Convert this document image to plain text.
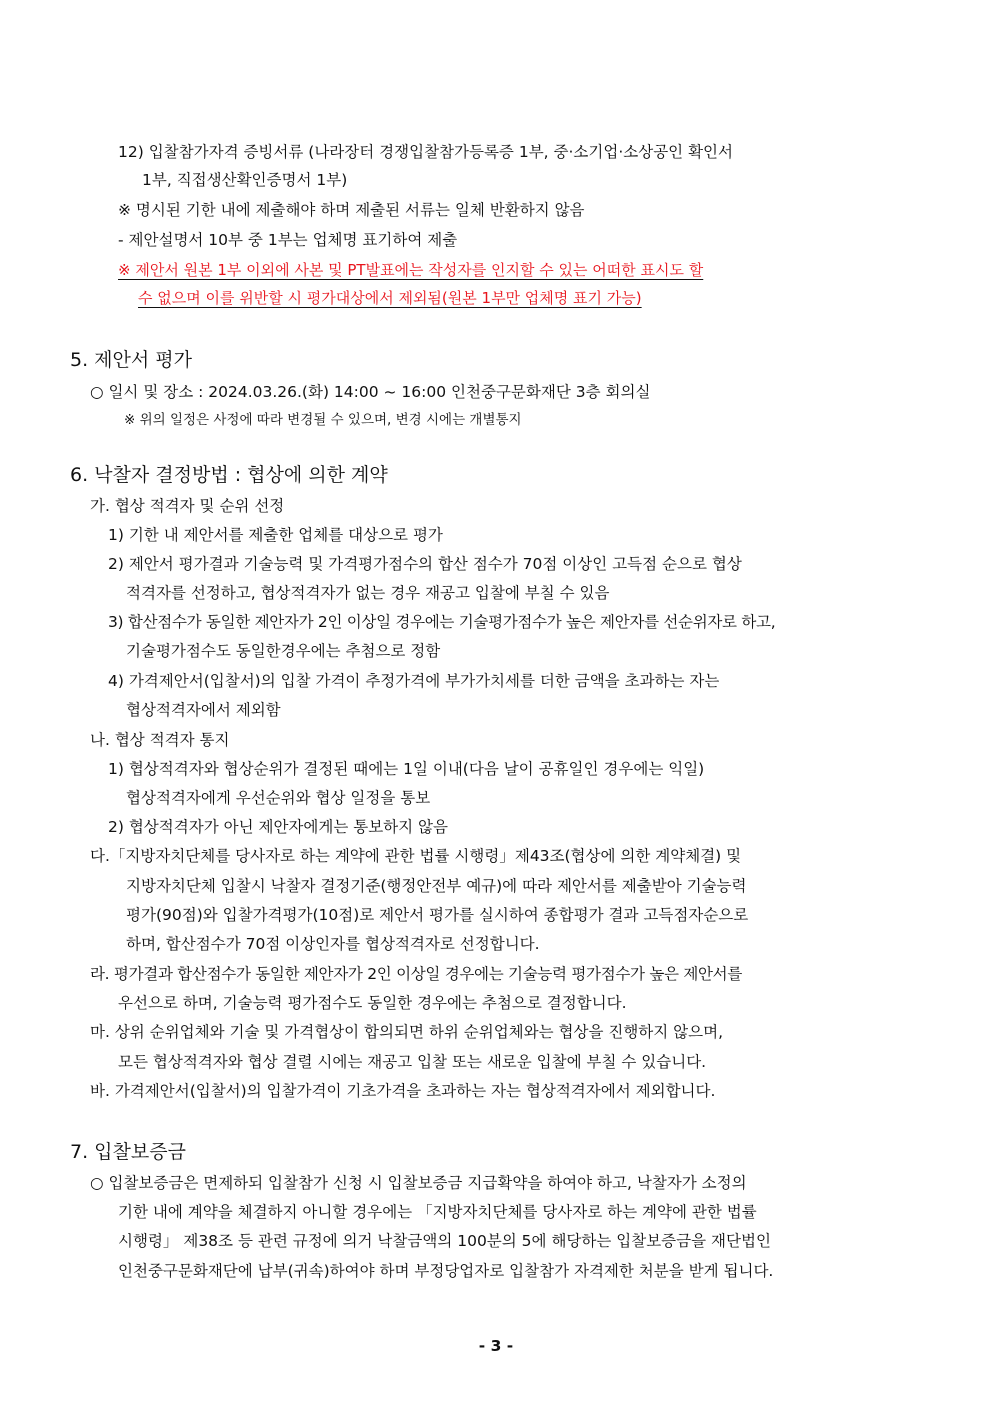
12) 입찰참가자격 증빙서류 (나라장터 경쟁입찰참가등록증 1부, 중·소기업·소상공인 확인서
1부, 직접생산확인증명서 1부)
※ 명시된 기한 내에 제출해야 하며 제출된 서류는 일체 반환하지 않음
- 제안설명서 10부 중 1부는 업체명 표기하여 제출
※ 제안서 원본 1부 이외에 사본 및 PT발표에는 작성자를 인지할 수 있는 어떠한 표시도 할
수 없으며 이를 위반할 시 평가대상에서 제외됨(원본 1부만 업체명 표기 가능)
5. 제안서 평가
○ 일시 및 장소 : 2024.03.26.(화) 14:00 ~ 16:00 인천중구문화재단 3층 회의실
※ 위의 일정은 사정에 따라 변경될 수 있으며, 변경 시에는 개별통지
6. 낙찰자 결정방법 : 협상에 의한 계약
가. 협상 적격자 및 순위 선정
1) 기한 내 제안서를 제출한 업체를 대상으로 평가
2) 제안서 평가결과 기술능력 및 가격평가점수의 합산 점수가 70점 이상인 고득점 순으로 협상
적격자를 선정하고, 협상적격자가 없는 경우 재공고 입찰에 부칠 수 있음
3) 합산점수가 동일한 제안자가 2인 이상일 경우에는 기술평가점수가 높은 제안자를 선순위자로 하고,
기술평가점수도 동일한경우에는 추첨으로 정함
4) 가격제안서(입찰서)의 입찰 가격이 추정가격에 부가가치세를 더한 금액을 초과하는 자는
협상적격자에서 제외함
나. 협상 적격자 통지
1) 협상적격자와 협상순위가 결정된 때에는 1일 이내(다음 날이 공휴일인 경우에는 익일)
협상적격자에게 우선순위와 협상 일정을 통보
2) 협상적격자가 아닌 제안자에게는 통보하지 않음
다.「지방자치단체를 당사자로 하는 계약에 관한 법률 시행령」제43조(협상에 의한 계약체결) 및
지방자치단체 입찰시 낙찰자 결정기준(행정안전부 예규)에 따라 제안서를 제출받아 기술능력
평가(90점)와 입찰가격평가(10점)로 제안서 평가를 실시하여 종합평가 결과 고득점자순으로
하며, 합산점수가 70점 이상인자를 협상적격자로 선정합니다.
라. 평가결과 합산점수가 동일한 제안자가 2인 이상일 경우에는 기술능력 평가점수가 높은 제안서를
우선으로 하며, 기술능력 평가점수도 동일한 경우에는 추첨으로 결정합니다.
마. 상위 순위업체와 기술 및 가격협상이 합의되면 하위 순위업체와는 협상을 진행하지 않으며,
모든 협상적격자와 협상 결렬 시에는 재공고 입찰 또는 새로운 입찰에 부칠 수 있습니다.
바. 가격제안서(입찰서)의 입찰가격이 기초가격을 초과하는 자는 협상적격자에서 제외합니다.
7. 입찰보증금
○ 입찰보증금은 면제하되 입찰참가 신청 시 입찰보증금 지급확약을 하여야 하고, 낙찰자가 소정의
기한 내에 계약을 체결하지 아니할 경우에는 「지방자치단체를 당사자로 하는 계약에 관한 법률
시행령」 제38조 등 관련 규정에 의거 낙찰금액의 100분의 5에 해당하는 입찰보증금을 재단법인
인천중구문화재단에 납부(귀속)하여야 하며 부정당업자로 입찰참가 자격제한 처분을 받게 됩니다.
- 3 -
